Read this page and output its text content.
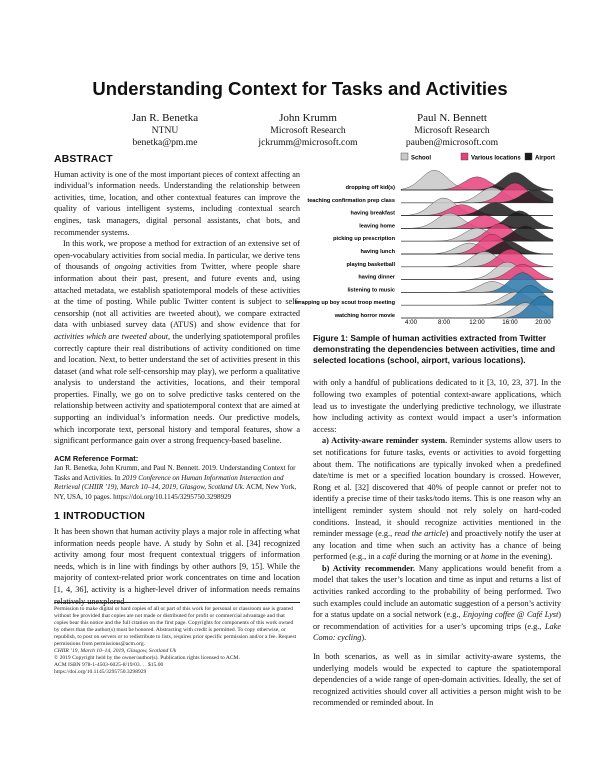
Understanding Context for Tasks and Activities
Jan R. Benetka
NTNU
benetka@pm.me
John Krumm
Microsoft Research
jckrumm@microsoft.com
Paul N. Bennett
Microsoft Research
pauben@microsoft.com
ABSTRACT

Human activity is one of the most important pieces of context affecting an individual’s information needs. Understanding the relationship between activities, time, location, and other contextual features can improve the quality of various intelligent systems, including contextual search engines, task managers, digital personal assistants, chat bots, and recommender systems.

In this work, we propose a method for extraction of an extensive set of open-vocabulary activities from social media. In particular, we derive tens of thousands of ongoing activities from Twitter, where people share information about their past, present, and future events and, using attached metadata, we establish spatiotemporal models of these activities at the time of posting. While public Twitter content is subject to self-censorship (not all activities are tweeted about), we compare extracted data with unbiased survey data (ATUS) and show evidence that for activities which are tweeted about, the underlying spatiotemporal profiles correctly capture their real distributions of activity conditioned on time and location. Next, to better understand the set of activities present in this dataset (and what role self-censorship may play), we perform a qualitative analysis to understand the activities, locations, and their temporal properties. Finally, we go on to solve predictive tasks centered on the relationship between activity and spatiotemporal context that are aimed at supporting an individual’s information needs. Our predictive models, which incorporate text, personal history and temporal features, show a significant performance gain over a strong frequency-based baseline.

ACM Reference Format:
Jan R. Benetka, John Krumm, and Paul N. Bennett. 2019. Understanding Context for Tasks and Activities. In 2019 Conference on Human Information Interaction and Retrieval (CHIIR ’19), March 10–14, 2019, Glasgow, Scotland Uk. ACM, New York, NY, USA, 10 pages. https://doi.org/10.1145/3295750.3298929
1 INTRODUCTION

It has been shown that human activity plays a major role in affecting what information needs people have. A study by Sohn et al. [34] recognized activity among four most frequent contextual triggers of information needs, which is in line with findings by other authors [9, 15]. While the majority of context-related prior work concentrates on time and location [1, 4, 36], activity is a higher-level driver of information needs remains relatively unexplored

Permission to make digital or hard copies of all or part of this work for personal or classroom use is granted without fee provided that copies are not made or distributed for profit or commercial advantage and that copies bear this notice and the full citation on the first page. Copyrights for components of this work owned by others than the author(s) must be honored. Abstracting with credit is permitted. To copy otherwise, or republish, to post on servers or to redistribute to lists, requires prior specific permission and/or a fee. Request permissions from permissions@acm.org.
CHIIR ’19, March 10–14, 2019, Glasgow, Scotland Uk
© 2019 Copyright held by the owner/author(s). Publication rights licensed to ACM.
ACM ISBN 978-1-4503-6025-8/19/03. . . $15.00
https://doi.org/10.1145/3295750.3298929
School	Various locations Airport
dropping off kid(s)
teaching confirmation prep class
having breakfast
leaving home
picking up prescription
having lunch
playing basketball
having dinner
listening to music
wrapping up boy scout troop meeting
watching horror movie
4:00	8:00	12:00	16:00	20:00
Figure 1: Sample of human activities extracted from Twitter demonstrating the dependencies between activities, time and selected locations (school, airport, various locations).

with only a handful of publications dedicated to it [3, 10, 23, 37]. In the following two examples of potential context-aware applications, which lead us to investigate the underlying predictive technology, we illustrate how including activity as context would impact a user’s information access:

a) Activity-aware reminder system. Reminder systems allow users to set notifications for future tasks, events or activities to avoid forgetting about them. The notifications are typically invoked when a predefined date/time is met or a specified location boundary is crossed. However, Rong et al. [32] discovered that 40% of people cannot or prefer not to identify a precise time of their tasks/todo items. This is one reason why an intelligent reminder system should not rely solely on hard-coded conditions. Instead, it should recognize activities mentioned in the reminder message (e.g., read the article) and proactively notify the user at any location and time when such an activity has a chance of being performed (e.g., in a café during the morning or at home in the evening).

b) Activity recommender. Many applications would benefit from a model that takes the user’s location and time as input and returns a list of activities ranked according to the probability of being performed. Two such examples could include an automatic suggestion of a person’s activity for a status update on a social network (e.g., Enjoying coffee @ Café Lyst) or recommendation of activities for a user’s upcoming trips (e.g., Lake Como: cycling).

In both scenarios, as well as in similar activity-aware systems, the underlying models would be expected to capture the spatiotemporal dependencies of a wide range of open-domain activities. Ideally, the set of recognized activities should cover all activities a person might wish to be recommended or reminded about. In
